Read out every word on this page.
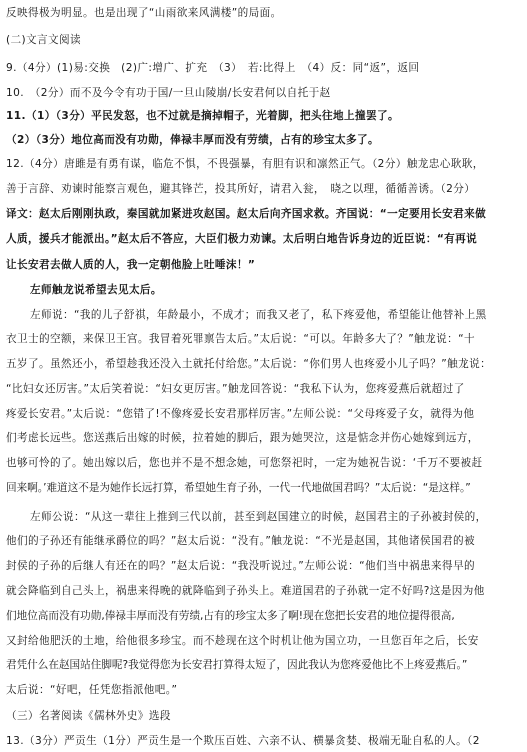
反映得极为明显。也是出现了“山雨欲来风满楼”的局面。
(二)文言文阅读
9.（4分）(1)易:交换　(2)广:增广、扩充　（3）　若:比得上　（4）反：同“返”，返回
10.　（2分）而不及今令有功于国/一旦山陵崩/长安君何以自托于赵
11.（1）（3分）平民发怒，也不过就是摘掉帽子，光着脚，把头往地上撞罢了。
（2）（3分）地位高而没有功勋，俸禄丰厚而没有劳绩，占有的珍宝太多了。
12.（4分）唐雎是有勇有谋，临危不惧，不畏强暴，有胆有识和凛然正气。（2分）触龙忠心耿耿，
善于言辞、劝谏时能察言观色，避其锋芒，投其所好，请君入瓮，　晓之以理，循循善诱。（2分）
译文：赵太后刚刚执政，秦国就加紧进攻赵国。赵太后向齐国求救。齐国说：“一定要用长安君来做
人质，援兵才能派出。”赵太后不答应，大臣们极力劝谏。太后明白地告诉身边的近臣说：“有再说
让长安君去做人质的人，我一定朝他脸上吐唾沫！”
左师触龙说希望去见太后。
左师说：“我的儿子舒祺，年龄最小，不成才；而我又老了，私下疼爱他，希望能让他替补上黑
衣卫士的空额，来保卫王宫。我冒着死罪禀告太后。”太后说：“可以。年龄多大了？”触龙说：“十
五岁了。虽然还小，希望趁我还没入土就托付给您。”太后说：“你们男人也疼爱小儿子吗？”触龙说：
“比妇女还厉害。”太后笑着说：“妇女更厉害。”触龙回答说：“我私下认为，您疼爱燕后就超过了
疼爱长安君。”太后说：“您错了!不像疼爱长安君那样厉害。”左师公说：“父母疼爱子女，就得为他
们考虑长远些。您送燕后出嫁的时候，拉着她的脚后，跟为她哭泣，这是惦念并伤心她嫁到远方，
也够可怜的了。她出嫁以后，您也并不是不想念她，可您祭祀时，一定为她祝告说：‘千万不要被赶
回来啊。’难道这不是为她作长远打算，希望她生育子孙，一代一代地做国君吗？”太后说：“是这样。”
左师公说：“从这一辈往上推到三代以前，甚至到赵国建立的时候，赵国君主的子孙被封侯的，
他们的子孙还有能继承爵位的吗？”赵太后说：“没有。”触龙说：“不光是赵国，其他诸侯国君的被
封侯的子孙的后继人有还在的吗？”赵太后说：“我没听说过。”左师公说：“他们当中祸患来得早的
就会降临到自己头上，祸患来得晚的就降临到子孙头上。难道国君的子孙就一定不好吗?这是因为他
们地位高而没有功勋,俸禄丰厚而没有劳绩,占有的珍宝太多了啊!现在您把长安君的地位提得很高,
又封给他肥沃的土地，给他很多珍宝。而不趁现在这个时机让他为国立功，一旦您百年之后，长安
君凭什么在赵国站住脚呢?我觉得您为长安君打算得太短了，因此我认为您疼爱他比不上疼爱燕后。”
太后说：“好吧，任凭您指派他吧。”
（三）名著阅读《儒林外史》选段
13.（3分）严贡生（1分）严贡生是一个欺压百姓、六亲不认、横暴贪婪、极端无耻自私的人。（2
